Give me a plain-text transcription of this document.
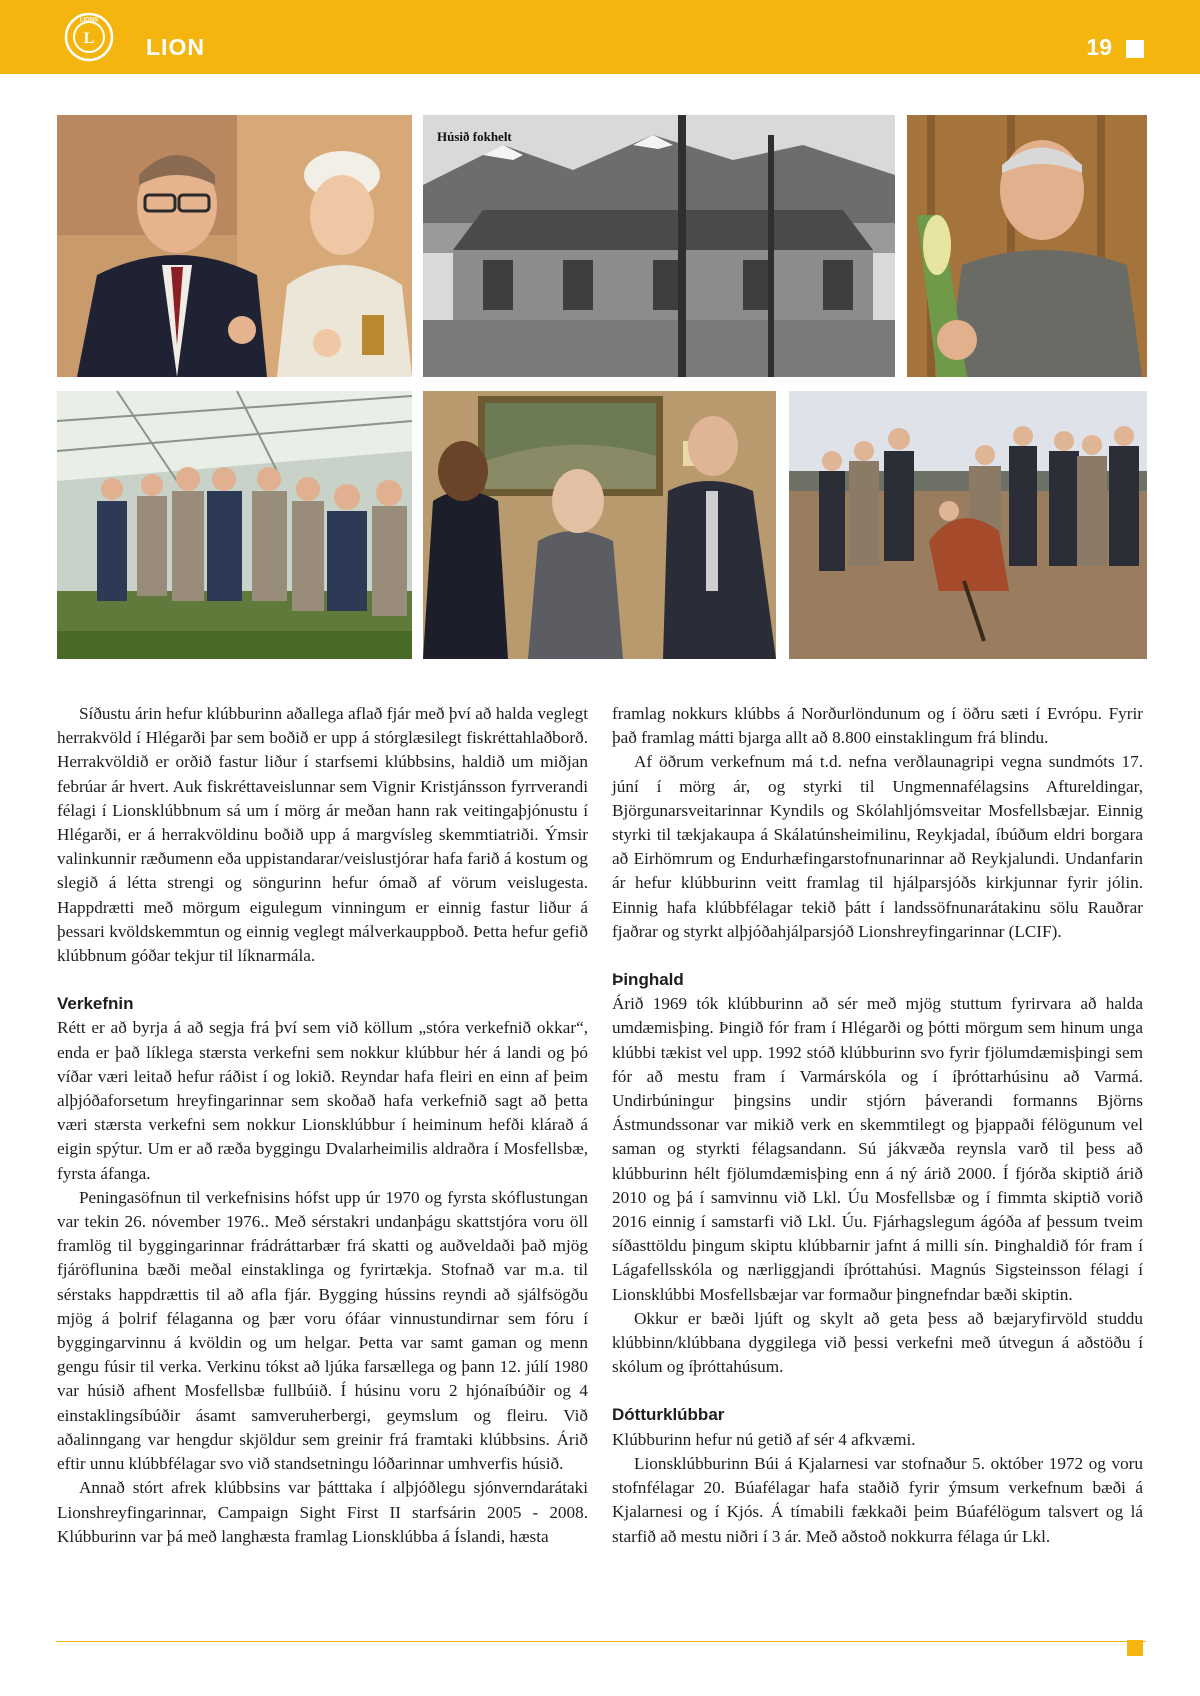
L
LIONS
LION	19
Húsið fokhelt

Síðustu árin hefur klúbburinn aðallega aflað fjár með því að halda veglegt herrakvöld í Hlégarði þar sem boðið er upp á stórglæsilegt fiskréttahlaðborð. Herrakvöldið er orðið fastur liður í starfsemi klúbbsins, haldið um miðjan febrúar ár hvert. Auk fiskréttaveislunnar sem Vignir Kristjánsson fyrrverandi félagi í Lionsklúbbnum sá um í mörg ár meðan hann rak veitingaþjónustu í Hlégarði, er á herrakvöldinu boðið upp á margvísleg skemmtiatriði. Ýmsir valinkunnir ræðumenn eða uppistandarar/veislustjórar hafa farið á kostum og slegið á létta strengi og söngurinn hefur ómað af vörum veislugesta. Happdrætti með mörgum eigulegum vinningum er einnig fastur liður á þessari kvöldskemmtun og einnig veglegt málverkauppboð. Þetta hefur gefið klúbbnum góðar tekjur til líknarmála.

Verkefnin

Rétt er að byrja á að segja frá því sem við köllum „stóra verkefnið okkar“, enda er það líklega stærsta verkefni sem nokkur klúbbur hér á landi og þó víðar væri leitað hefur ráðist í og lokið. Reyndar hafa fleiri en einn af þeim alþjóðaforsetum hreyfingarinnar sem skoðað hafa verkefnið sagt að þetta væri stærsta verkefni sem nokkur Lionsklúbbur í heiminum hefði klárað á eigin spýtur. Um er að ræða byggingu Dvalarheimilis aldraðra í Mosfellsbæ, fyrsta áfanga.

Peningasöfnun til verkefnisins hófst upp úr 1970 og fyrsta skóflustungan var tekin 26. nóvember 1976.. Með sérstakri undanþágu skattstjóra voru öll framlög til byggingarinnar frádráttarbær frá skatti og auðveldaði það mjög fjáröflunina bæði meðal einstaklinga og fyrirtækja. Stofnað var m.a. til sérstaks happdrættis til að afla fjár. Bygging hússins reyndi að sjálfsögðu mjög á þolrif félaganna og þær voru ófáar vinnustundirnar sem fóru í byggingarvinnu á kvöldin og um helgar. Þetta var samt gaman og menn gengu fúsir til verka. Verkinu tókst að ljúka farsællega og þann 12. júlí 1980 var húsið afhent Mosfellsbæ fullbúið. Í húsinu voru 2 hjónaíbúðir og 4 einstaklingsíbúðir ásamt samveruherbergi, geymslum og fleiru. Við aðalinngang var hengdur skjöldur sem greinir frá framtaki klúbbsins. Árið eftir unnu klúbbfélagar svo við standsetningu lóðarinnar umhverfis húsið.

Annað stórt afrek klúbbsins var þátttaka í alþjóðlegu sjónverndarátaki Lionshreyfingarinnar, Campaign Sight First II starfsárin 2005 - 2008. Klúbburinn var þá með langhæsta framlag Lionsklúbba á Íslandi, hæsta

framlag nokkurs klúbbs á Norðurlöndunum og í öðru sæti í Evrópu. Fyrir það framlag mátti bjarga allt að 8.800 einstaklingum frá blindu.

Af öðrum verkefnum má t.d. nefna verðlaunagripi vegna sundmóts 17. júní í mörg ár, og styrki til Ungmennafélagsins Aftureldingar, Björgunarsveitarinnar Kyndils og Skólahljómsveitar Mosfellsbæjar. Einnig styrki til tækjakaupa á Skálatúnsheimilinu, Reykjadal, íbúðum eldri borgara að Eirhömrum og Endurhæfingarstofnunarinnar að Reykjalundi. Undanfarin ár hefur klúbburinn veitt framlag til hjálparsjóðs kirkjunnar fyrir jólin. Einnig hafa klúbbfélagar tekið þátt í landssöfnunarátakinu sölu Rauðrar fjaðrar og styrkt alþjóðahjálparsjóð Lionshreyfingarinnar (LCIF).

Þinghald

Árið 1969 tók klúbburinn að sér með mjög stuttum fyrirvara að halda umdæmisþing. Þingið fór fram í Hlégarði og þótti mörgum sem hinum unga klúbbi tækist vel upp. 1992 stóð klúbburinn svo fyrir fjölumdæmisþingi sem fór að mestu fram í Varmárskóla og í íþróttarhúsinu að Varmá. Undirbúningur þingsins undir stjórn þáverandi formanns Björns Ástmundssonar var mikið verk en skemmtilegt og þjappaði félögunum vel saman og styrkti félagsandann. Sú jákvæða reynsla varð til þess að klúbburinn hélt fjölumdæmisþing enn á ný árið 2000. Í fjórða skiptið árið 2010 og þá í samvinnu við Lkl. Úu Mosfellsbæ og í fimmta skiptið vorið 2016 einnig í samstarfi við Lkl. Úu. Fjárhagslegum ágóða af þessum tveim síðasttöldu þingum skiptu klúbbarnir jafnt á milli sín. Þinghaldið fór fram í Lágafellsskóla og nærliggjandi íþróttahúsi. Magnús Sigsteinsson félagi í Lionsklúbbi Mosfellsbæjar var formaður þingnefndar bæði skiptin.

Okkur er bæði ljúft og skylt að geta þess að bæjaryfirvöld studdu klúbbinn/klúbbana dyggilega við þessi verkefni með útvegun á aðstöðu í skólum og íþróttahúsum.

Dótturklúbbar

Klúbburinn hefur nú getið af sér 4 afkvæmi.

Lionsklúbburinn Búi á Kjalarnesi var stofnaður 5. október 1972 og voru stofnfélagar 20. Búafélagar hafa staðið fyrir ýmsum verkefnum bæði á Kjalarnesi og í Kjós. Á tímabili fækkaði þeim Búafélögum talsvert og lá starfið að mestu niðri í 3 ár. Með aðstoð nokkurra félaga úr Lkl.
